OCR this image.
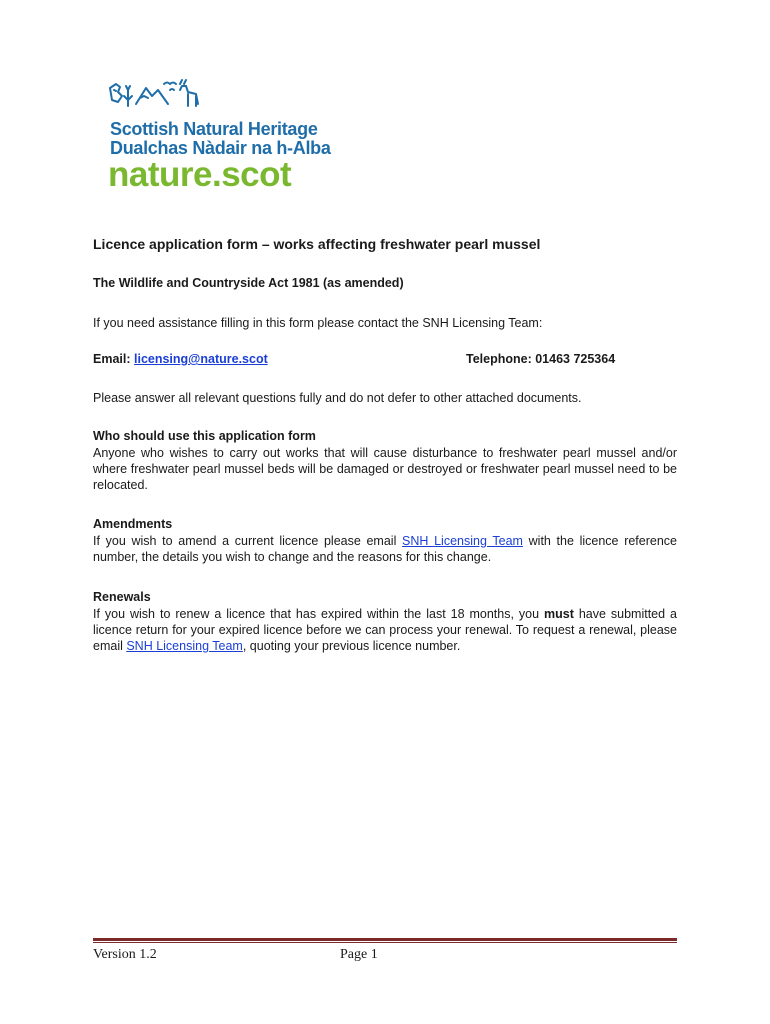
Scottish Natural Heritage
Dualchas Nàdair na h-Alba
nature.scot
Licence application form – works affecting freshwater pearl mussel
The Wildlife and Countryside Act 1981 (as amended)
If you need assistance filling in this form please contact the SNH Licensing Team:
Email: licensing@nature.scot	Telephone: 01463 725364
Please answer all relevant questions fully and do not defer to other attached documents.
Who should use this application form
Anyone who wishes to carry out works that will cause disturbance to freshwater pearl mussel and/or where freshwater pearl mussel beds will be damaged or destroyed or freshwater pearl mussel need to be relocated.
Amendments
If you wish to amend a current licence please email SNH Licensing Team with the licence reference number, the details you wish to change and the reasons for this change.
Renewals
If you wish to renew a licence that has expired within the last 18 months, you must have submitted a licence return for your expired licence before we can process your renewal. To request a renewal, please email SNH Licensing Team, quoting your previous licence number.
Version 1.2	Page 1
